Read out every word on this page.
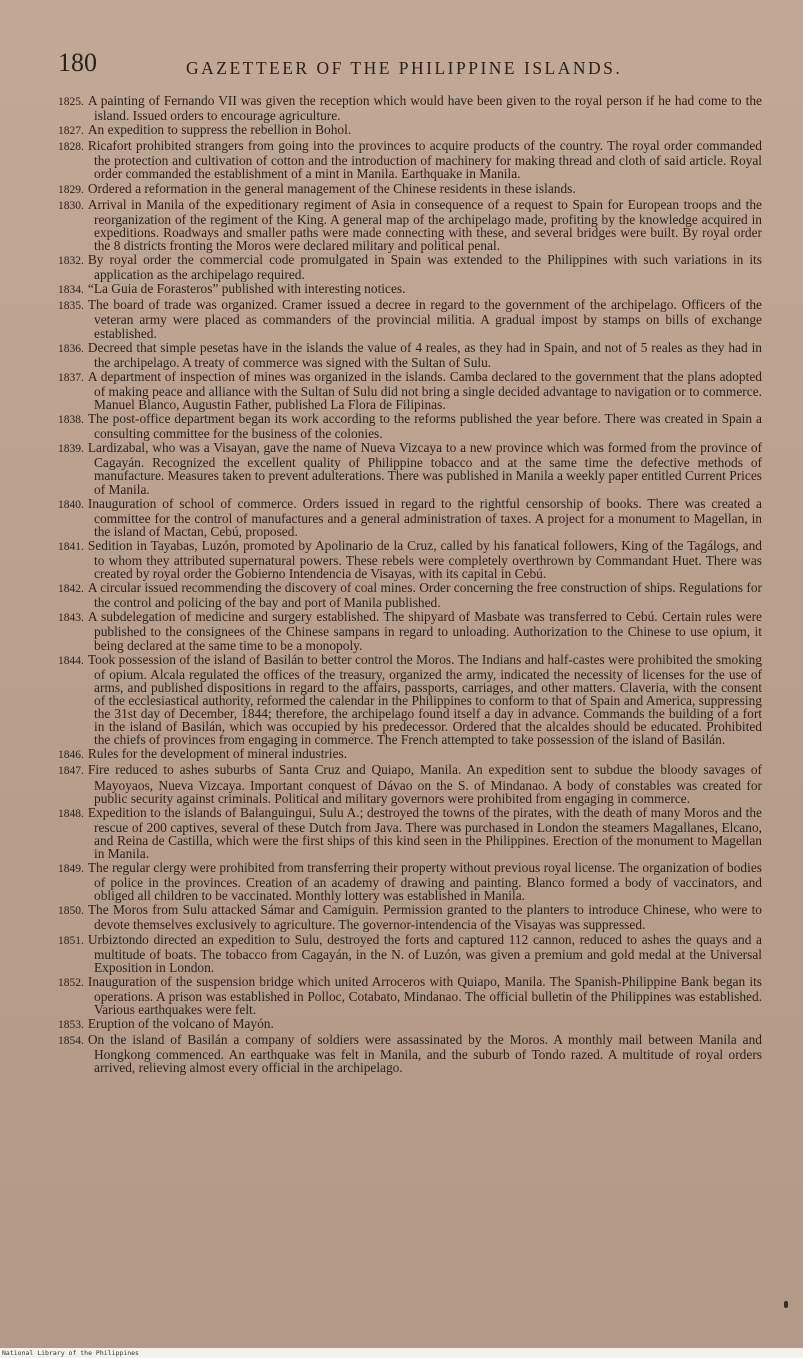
180	GAZETTEER OF THE PHILIPPINE ISLANDS.

1825. A painting of Fernando VII was given the reception which would have been given to the royal person if he had come to the island. Issued orders to encourage agriculture.

1827. An expedition to suppress the rebellion in Bohol.

1828. Ricafort prohibited strangers from going into the provinces to acquire products of the country. The royal order commanded the protection and cultivation of cotton and the introduction of machinery for making thread and cloth of said article. Royal order commanded the establishment of a mint in Manila. Earthquake in Manila.

1829. Ordered a reformation in the general management of the Chinese residents in these islands.

1830. Arrival in Manila of the expeditionary regiment of Asia in consequence of a request to Spain for European troops and the reorganization of the regiment of the King. A general map of the archipelago made, profiting by the knowledge acquired in expeditions. Roadways and smaller paths were made connecting with these, and several bridges were built. By royal order the 8 districts fronting the Moros were declared military and political penal.

1832. By royal order the commercial code promulgated in Spain was extended to the Philippines with such variations in its application as the archipelago required.

1834. “La Guia de Forasteros” published with interesting notices.

1835. The board of trade was organized. Cramer issued a decree in regard to the government of the archipelago. Officers of the veteran army were placed as commanders of the provincial militia. A gradual impost by stamps on bills of exchange established.

1836. Decreed that simple pesetas have in the islands the value of 4 reales, as they had in Spain, and not of 5 reales as they had in the archipelago. A treaty of commerce was signed with the Sultan of Sulu.

1837. A department of inspection of mines was organized in the islands. Camba declared to the government that the plans adopted of making peace and alliance with the Sultan of Sulu did not bring a single decided advantage to navigation or to commerce. Manuel Blanco, Augustin Father, published La Flora de Filipinas.

1838. The post-office department began its work according to the reforms published the year before. There was created in Spain a consulting committee for the business of the colonies.

1839. Lardizabal, who was a Visayan, gave the name of Nueva Vizcaya to a new province which was formed from the province of Cagayán. Recognized the excellent quality of Philippine tobacco and at the same time the defective methods of manufacture. Measures taken to prevent adulterations. There was published in Manila a weekly paper entitled Current Prices of Manila.

1840. Inauguration of school of commerce. Orders issued in regard to the rightful censorship of books. There was created a committee for the control of manufactures and a general administration of taxes. A project for a monument to Magellan, in the island of Mactan, Cebú, proposed.

1841. Sedition in Tayabas, Luzón, promoted by Apolinario de la Cruz, called by his fanatical followers, King of the Tagálogs, and to whom they attributed supernatural powers. These rebels were completely overthrown by Commandant Huet. There was created by royal order the Gobierno Intendencia de Visayas, with its capital in Cebú.

1842. A circular issued recommending the discovery of coal mines. Order concerning the free construction of ships. Regulations for the control and policing of the bay and port of Manila published.

1843. A subdelegation of medicine and surgery established. The shipyard of Masbate was transferred to Cebú. Certain rules were published to the consignees of the Chinese sampans in regard to unloading. Authorization to the Chinese to use opium, it being declared at the same time to be a monopoly.

1844. Took possession of the island of Basilán to better control the Moros. The Indians and half-castes were prohibited the smoking of opium. Alcala regulated the offices of the treasury, organized the army, indicated the necessity of licenses for the use of arms, and published dispositions in regard to the affairs, passports, carriages, and other matters. Claveria, with the consent of the ecclesiastical authority, reformed the calendar in the Philippines to conform to that of Spain and America, suppressing the 31st day of December, 1844; therefore, the archipelago found itself a day in advance. Commands the building of a fort in the island of Basilán, which was occupied by his predecessor. Ordered that the alcaldes should be educated. Prohibited the chiefs of provinces from engaging in commerce. The French attempted to take possession of the island of Basilán.

1846. Rules for the development of mineral industries.

1847. Fire reduced to ashes suburbs of Santa Cruz and Quiapo, Manila. An expedition sent to subdue the bloody savages of Mayoyaos, Nueva Vizcaya. Important conquest of Dávao on the S. of Mindanao. A body of constables was created for public security against criminals. Political and military governors were prohibited from engaging in commerce.

1848. Expedition to the islands of Balanguingui, Sulu A.; destroyed the towns of the pirates, with the death of many Moros and the rescue of 200 captives, several of these Dutch from Java. There was purchased in London the steamers Magallanes, Elcano, and Reina de Castilla, which were the first ships of this kind seen in the Philippines. Erection of the monument to Magellan in Manila.

1849. The regular clergy were prohibited from transferring their property without previous royal license. The organization of bodies of police in the provinces. Creation of an academy of drawing and painting. Blanco formed a body of vaccinators, and obliged all children to be vaccinated. Monthly lottery was established in Manila.

1850. The Moros from Sulu attacked Sámar and Camiguin. Permission granted to the planters to introduce Chinese, who were to devote themselves exclusively to agriculture. The governor-intendencia of the Visayas was suppressed.

1851. Urbiztondo directed an expedition to Sulu, destroyed the forts and captured 112 cannon, reduced to ashes the quays and a multitude of boats. The tobacco from Cagayán, in the N. of Luzón, was given a premium and gold medal at the Universal Exposition in London.

1852. Inauguration of the suspension bridge which united Arroceros with Quiapo, Manila. The Spanish-Philippine Bank began its operations. A prison was established in Polloc, Cotabato, Mindanao. The official bulletin of the Philippines was established. Various earthquakes were felt.

1853. Eruption of the volcano of Mayón.

1854. On the island of Basilán a company of soldiers were assassinated by the Moros. A monthly mail between Manila and Hongkong commenced. An earthquake was felt in Manila, and the suburb of Tondo razed. A multitude of royal orders arrived, relieving almost every official in the archipelago.

National Library of the Philippines
